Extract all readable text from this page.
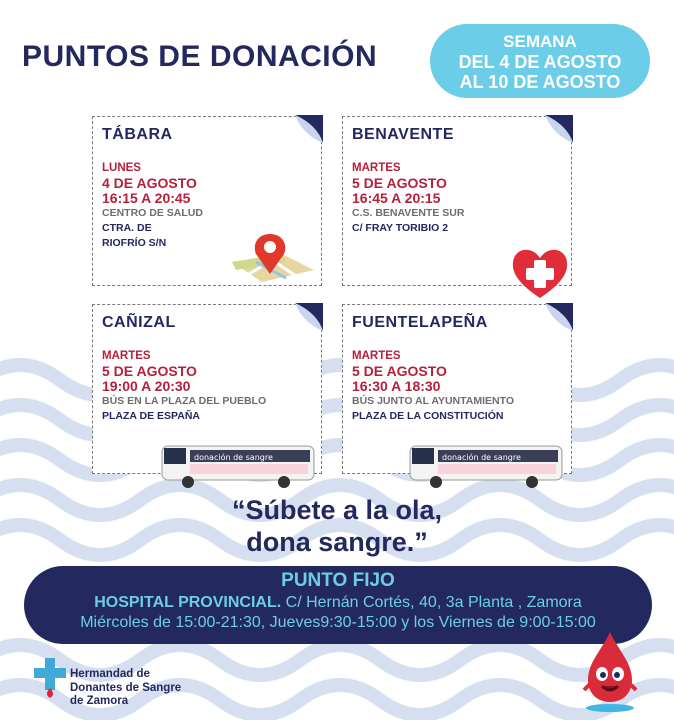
PUNTOS DE DONACIÓN	SEMANA
DEL 4 DE AGOSTO
AL 10 DE AGOSTO
TÁBARA
LUNES
4 DE AGOSTO
16:15 A 20:45
CENTRO DE SALUD
CTRA. DE
RIOFRÍO S/N
BENAVENTE
MARTES
5 DE AGOSTO
16:45 A 20:15
C.S. BENAVENTE SUR
C/ FRAY TORIBIO 2
CAÑIZAL
MARTES
5 DE AGOSTO
19:00 A 20:30
BÚS EN LA PLAZA DEL PUEBLO
PLAZA DE ESPAÑA
donación de sangre
FUENTELAPEÑA
MARTES
5 DE AGOSTO
16:30 A 18:30
BÚS JUNTO AL AYUNTAMIENTO
PLAZA DE LA CONSTITUCIÓN
donación de sangre
“Súbete a la ola,
dona sangre.”
PUNTO FIJO
HOSPITAL PROVINCIAL. C/ Hernán Cortés, 40, 3a Planta , Zamora
Miércoles de 15:00-21:30, Jueves9:30-15:00 y los Viernes de 9:00-15:00
Hermandad de
Donantes de Sangre
de Zamora
